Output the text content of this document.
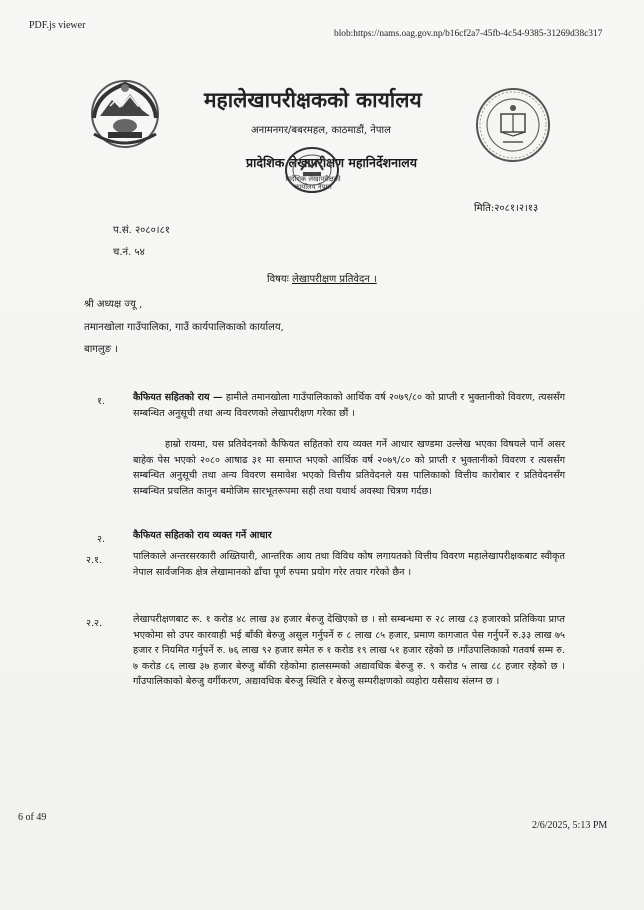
PDF.js viewer
blob:https://nams.oag.gov.np/b16cf2a7-45fb-4c54-9385-31269d38c317
6 of 49
2/6/2025, 5:13 PM
महालेखापरीक्षकको कार्यालय
अनामनगर/बबरमहल, काठमाडौं, नेपाल
प्रादेशिक लेखापरीक्षण महानिर्देशनालय
प्रादेशिक लेखापरीक्षको कार्यालय नेपाल
मिति:२०८१।२।१३
प.सं. २०८०।८१
च.नं. ५४
विषयः लेखापरीक्षण प्रतिवेदन ।
श्री अध्यक्ष ज्यू ,
तमानखोला गाउँपालिका, गाउँ कार्यपालिकाको कार्यालय,
बागलुङ ।
१.	कैफियत सहितको राय — हामीले तमानखोला गाउँपालिकाको आर्थिक वर्ष २०७९/८० को प्राप्ती र भुक्तानीको विवरण, त्यससँग सम्बन्धित अनुसूची तथा अन्य विवरणको लेखापरीक्षण गरेका छौं ।
हाम्रो रायमा, यस प्रतिवेदनको कैफियत सहितको राय व्यक्त गर्ने आधार खण्डमा उल्लेख भएका विषयले पार्ने असर बाहेक पेस भएको २०८० आषाढ ३१ मा समाप्त भएको आर्थिक वर्ष २०७९/८० को प्राप्ती र भुक्तानीको विवरण र त्यससँग सम्बन्धित अनुसूची तथा अन्य विवरण समावेश भएको वित्तीय प्रतिवेदनले यस पालिकाको वित्तीय कारोबार र प्रतिवेदनसँग सम्बन्धित प्रचलित कानुन बमोजिम सारभूतरूपमा सही तथा यथार्थ अवस्था चित्रण गर्दछ।
२.	कैफियत सहितको राय व्यक्त गर्ने आधार
२.१.	पालिकाले अन्तरसरकारी अख्तियारी, आन्तरिक आय तथा विविध कोष लगायतको वित्तीय विवरण महालेखापरीक्षकबाट स्वीकृत नेपाल सार्वजनिक क्षेत्र लेखामानको ढाँचा पूर्ण रुपमा प्रयोग गरेर तयार गरेको छैन ।
२.२.	लेखापरीक्षणबाट रू. १ करोड ४८ लाख ३४ हजार बेरुजु देखिएको छ । सो सम्बन्धमा रु २८ लाख ८३ हजारको प्रतिकिया प्राप्त भएकोमा सो उपर कारवाही भई बाँकी बेरुजु असुल गर्नुपर्ने रु ८ लाख ८५ हजार, प्रमाण कागजात पेस गर्नुपर्ने रु.३३ लाख ७५ हजार र नियमित गर्नुपर्ने रु. ७६ लाख ९२ हजार समेत रु १ करोड १९ लाख ५१ हजार रहेको छ ।गाँउपालिकाको गतवर्ष सम्म रु. ७ करोड ८६ लाख ३७ हजार बेरुजु बाँकी रहेकोमा हालसम्मको अद्यावधिक बेरुजु रु. ९ करोड ५ लाख ८८ हजार रहेको छ ।गाँउपालिकाको बेरुजु वर्गीकरण, अद्यावधिक बेरुजु स्थिति र बेरुजु सम्परीक्षणको व्यहोरा यसैसाथ संलग्न छ ।
